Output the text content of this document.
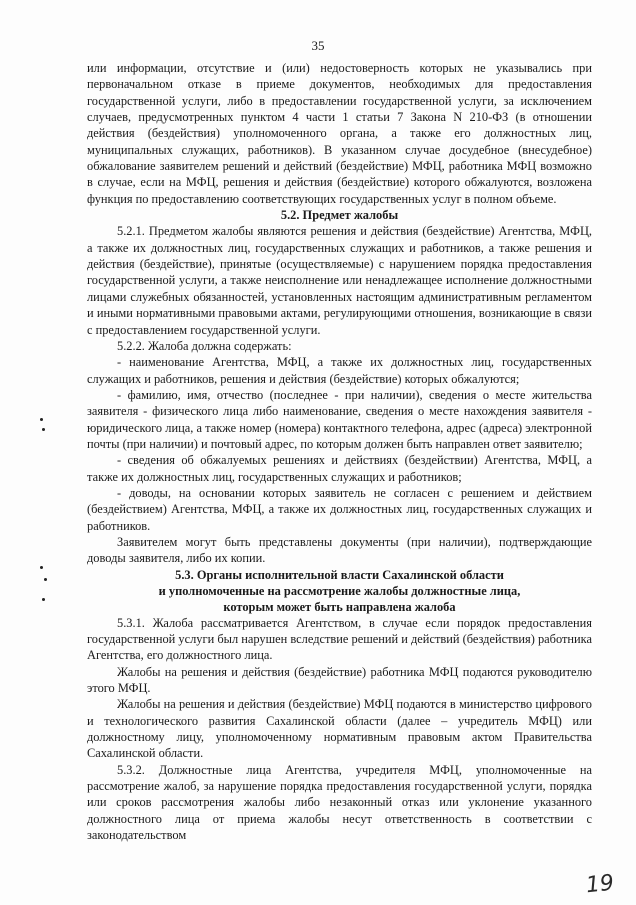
35

или информации, отсутствие и (или) недостоверность которых не указывались при первоначальном отказе в приеме документов, необходимых для предоставления государственной услуги, либо в предоставлении государственной услуги, за исключением случаев, предусмотренных пунктом 4 части 1 статьи 7 Закона N 210-ФЗ (в отношении действия (бездействия) уполномоченного органа, а также его должностных лиц, муниципальных служащих, работников). В указанном случае досудебное (внесудебное) обжалование заявителем решений и действий (бездействие) МФЦ, работника МФЦ возможно в случае, если на МФЦ, решения и действия (бездействие) которого обжалуются, возложена функция по предоставлению соответствующих государственных услуг в полном объеме.

5.2. Предмет жалобы

5.2.1. Предметом жалобы являются решения и действия (бездействие) Агентства, МФЦ, а также их должностных лиц, государственных служащих и работников, а также решения и действия (бездействие), принятые (осуществляемые) с нарушением порядка предоставления государственной услуги, а также неисполнение или ненадлежащее исполнение должностными лицами служебных обязанностей, установленных настоящим административным регламентом и иными нормативными правовыми актами, регулирующими отношения, возникающие в связи с предоставлением государственной услуги.

5.2.2. Жалоба должна содержать:

- наименование Агентства, МФЦ, а также их должностных лиц, государственных служащих и работников, решения и действия (бездействие) которых обжалуются;

- фамилию, имя, отчество (последнее - при наличии), сведения о месте жительства заявителя - физического лица либо наименование, сведения о месте нахождения заявителя - юридического лица, а также номер (номера) контактного телефона, адрес (адреса) электронной почты (при наличии) и почтовый адрес, по которым должен быть направлен ответ заявителю;

- сведения об обжалуемых решениях и действиях (бездействии) Агентства, МФЦ, а также их должностных лиц, государственных служащих и работников;

- доводы, на основании которых заявитель не согласен с решением и действием (бездействием) Агентства, МФЦ, а также их должностных лиц, государственных служащих и работников.

Заявителем могут быть представлены документы (при наличии), подтверждающие доводы заявителя, либо их копии.

5.3. Органы исполнительной власти Сахалинской области
и уполномоченные на рассмотрение жалобы должностные лица,
которым может быть направлена жалоба

5.3.1. Жалоба рассматривается Агентством, в случае если порядок предоставления государственной услуги был нарушен вследствие решений и действий (бездействия) работника Агентства, его должностного лица.

Жалобы на решения и действия (бездействие) работника МФЦ подаются руководителю этого МФЦ.

Жалобы на решения и действия (бездействие) МФЦ подаются в министерство цифрового и технологического развития Сахалинской области (далее – учредитель МФЦ) или должностному лицу, уполномоченному нормативным правовым актом Правительства Сахалинской области.

5.3.2. Должностные лица Агентства, учредителя МФЦ, уполномоченные на рассмотрение жалоб, за нарушение порядка предоставления государственной услуги, порядка или сроков рассмотрения жалобы либо незаконный отказ или уклонение указанного должностного лица от приема жалобы несут ответственность в соответствии с законодательством

19
